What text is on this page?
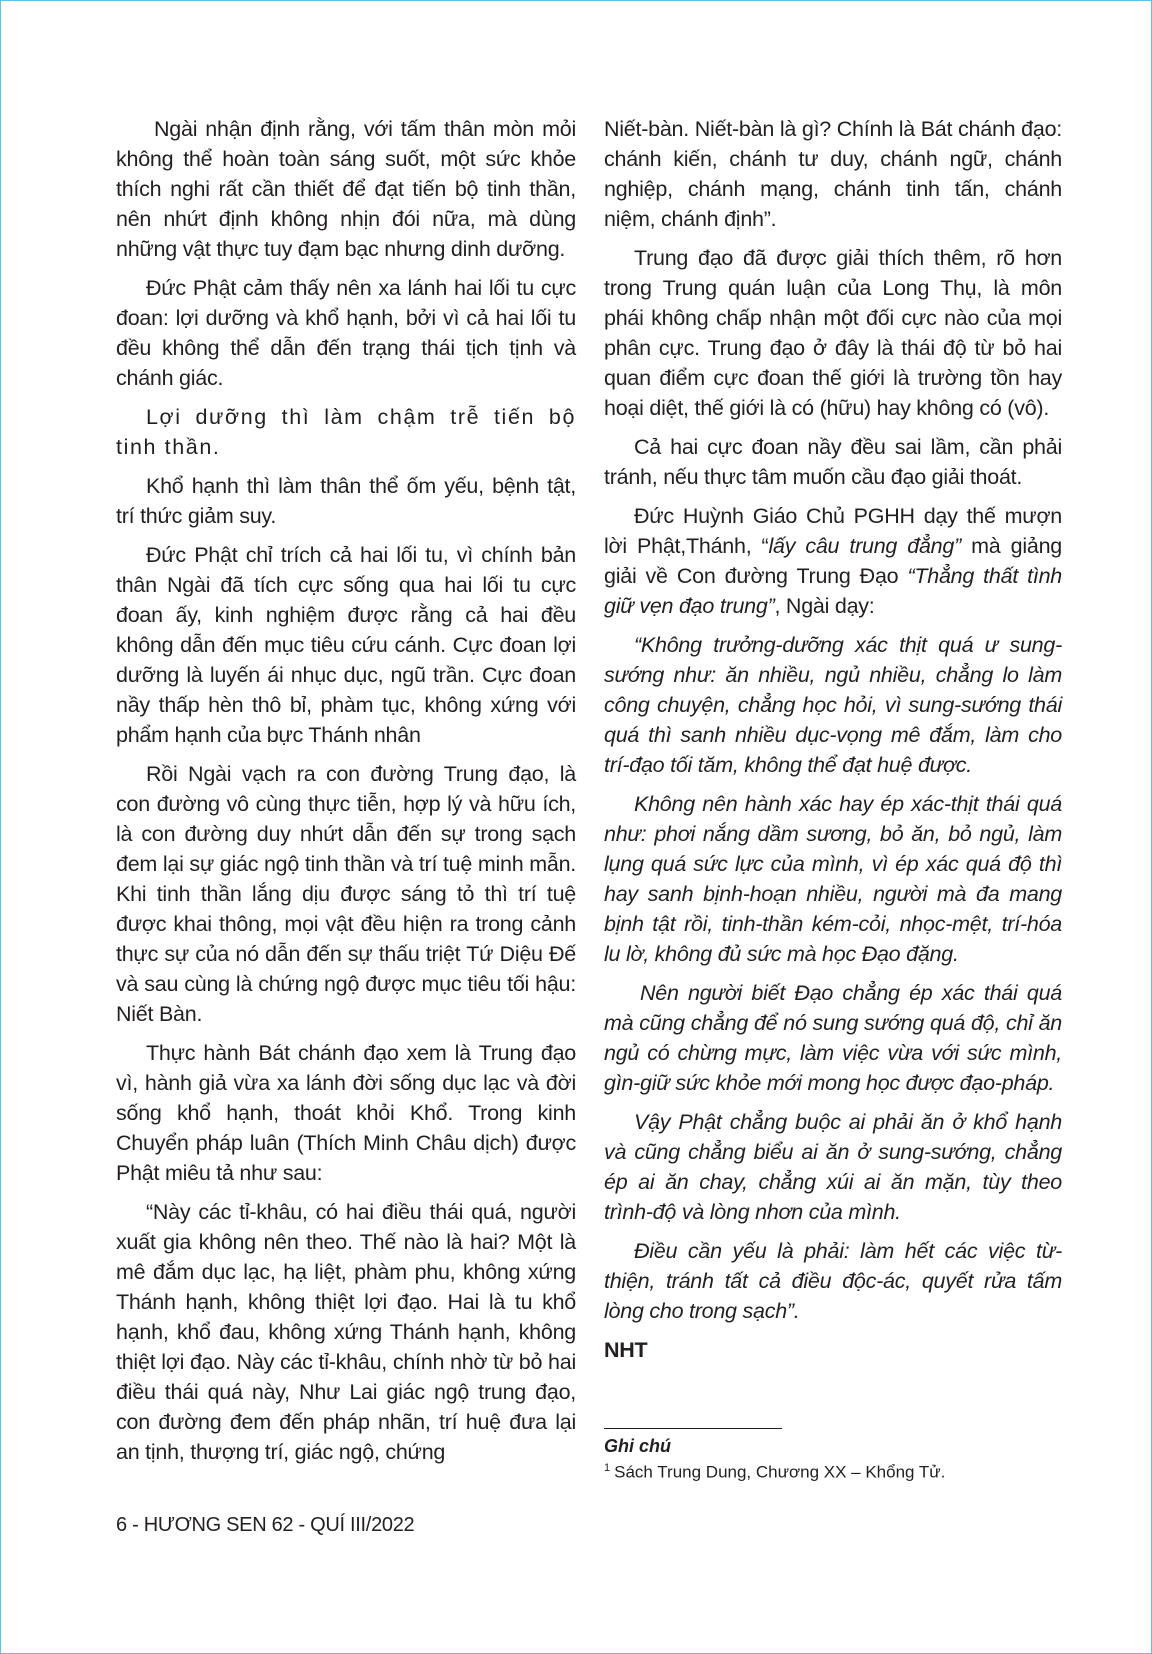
Ngài nhận định rằng, với tấm thân mòn mỏi không thể hoàn toàn sáng suốt, một sức khỏe thích nghi rất cần thiết để đạt tiến bộ tinh thần, nên nhứt định không nhịn đói nữa, mà dùng những vật thực tuy đạm bạc nhưng dinh dưỡng.

Đức Phật cảm thấy nên xa lánh hai lối tu cực đoan: lợi dưỡng và khổ hạnh, bởi vì cả hai lối tu đều không thể dẫn đến trạng thái tịch tịnh và chánh giác.

Lợi dưỡng thì làm chậm trễ tiến bộ tinh thần.

Khổ hạnh thì làm thân thể ốm yếu, bệnh tật, trí thức giảm suy.

Đức Phật chỉ trích cả hai lối tu, vì chính bản thân Ngài đã tích cực sống qua hai lối tu cực đoan ấy, kinh nghiệm được rằng cả hai đều không dẫn đến mục tiêu cứu cánh. Cực đoan lợi dưỡng là luyến ái nhục dục, ngũ trần. Cực đoan nầy thấp hèn thô bỉ, phàm tục, không xứng với phẩm hạnh của bực Thánh nhân

Rồi Ngài vạch ra con đường Trung đạo, là con đường vô cùng thực tiễn, hợp lý và hữu ích, là con đường duy nhứt dẫn đến sự trong sạch đem lại sự giác ngộ tinh thần và trí tuệ minh mẫn. Khi tinh thần lắng dịu được sáng tỏ thì trí tuệ được khai thông, mọi vật đều hiện ra trong cảnh thực sự của nó dẫn đến sự thấu triệt Tứ Diệu Đế và sau cùng là chứng ngộ được mục tiêu tối hậu: Niết Bàn.

Thực hành Bát chánh đạo xem là Trung đạo vì, hành giả vừa xa lánh đời sống dục lạc và đời sống khổ hạnh, thoát khỏi Khổ. Trong kinh Chuyển pháp luân (Thích Minh Châu dịch) được Phật miêu tả như sau:

“Này các tỉ-khâu, có hai điều thái quá, người xuất gia không nên theo. Thế nào là hai? Một là mê đắm dục lạc, hạ liệt, phàm phu, không xứng Thánh hạnh, không thiệt lợi đạo. Hai là tu khổ hạnh, khổ đau, không xứng Thánh hạnh, không thiệt lợi đạo. Này các tỉ-khâu, chính nhờ từ bỏ hai điều thái quá này, Như Lai giác ngộ trung đạo, con đường đem đến pháp nhãn, trí huệ đưa lại an tịnh, thượng trí, giác ngộ, chứng

Niết-bàn. Niết-bàn là gì? Chính là Bát chánh đạo: chánh kiến, chánh tư duy, chánh ngữ, chánh nghiệp, chánh mạng, chánh tinh tấn, chánh niệm, chánh định”.

Trung đạo đã được giải thích thêm, rõ hơn trong Trung quán luận của Long Thụ, là môn phái không chấp nhận một đối cực nào của mọi phân cực. Trung đạo ở đây là thái độ từ bỏ hai quan điểm cực đoan thế giới là trường tồn hay hoại diệt, thế giới là có (hữu) hay không có (vô).

Cả hai cực đoan nầy đều sai lầm, cần phải tránh, nếu thực tâm muốn cầu đạo giải thoát.

Đức Huỳnh Giáo Chủ PGHH dạy thế mượn lời Phật,Thánh, “lấy câu trung đẳng” mà giảng giải về Con đường Trung Đạo “Thẳng thất tình giữ vẹn đạo trung”, Ngài dạy:

“Không trưởng-dưỡng xác thịt quá ư sung-sướng như: ăn nhiều, ngủ nhiều, chẳng lo làm công chuyện, chẳng học hỏi, vì sung-sướng thái quá thì sanh nhiều dục-vọng mê đắm, làm cho trí-đạo tối tăm, không thể đạt huệ được.

Không nên hành xác hay ép xác-thịt thái quá như: phơi nắng dầm sương, bỏ ăn, bỏ ngủ, làm lụng quá sức lực của mình, vì ép xác quá độ thì hay sanh bịnh-hoạn nhiều, người mà đa mang bịnh tật rồi, tinh-thần kém-cỏi, nhọc-mệt, trí-hóa lu lờ, không đủ sức mà học Đạo đặng.

Nên người biết Đạo chẳng ép xác thái quá mà cũng chẳng để nó sung sướng quá độ, chỉ ăn ngủ có chừng mực, làm việc vừa với sức mình, gìn-giữ sức khỏe mới mong học được đạo-pháp.

Vậy Phật chẳng buộc ai phải ăn ở khổ hạnh và cũng chẳng biểu ai ăn ở sung-sướng, chẳng ép ai ăn chay, chẳng xúi ai ăn mặn, tùy theo trình-độ và lòng nhơn của mình.

Điều cần yếu là phải: làm hết các việc từ-thiện, tránh tất cả điều độc-ác, quyết rửa tấm lòng cho trong sạch”.

NHT

Ghi chú
$^1$ Sách Trung Dung, Chương XX – Khổng Tử.
6 - HƯƠNG SEN 62 - QUÍ III/2022
